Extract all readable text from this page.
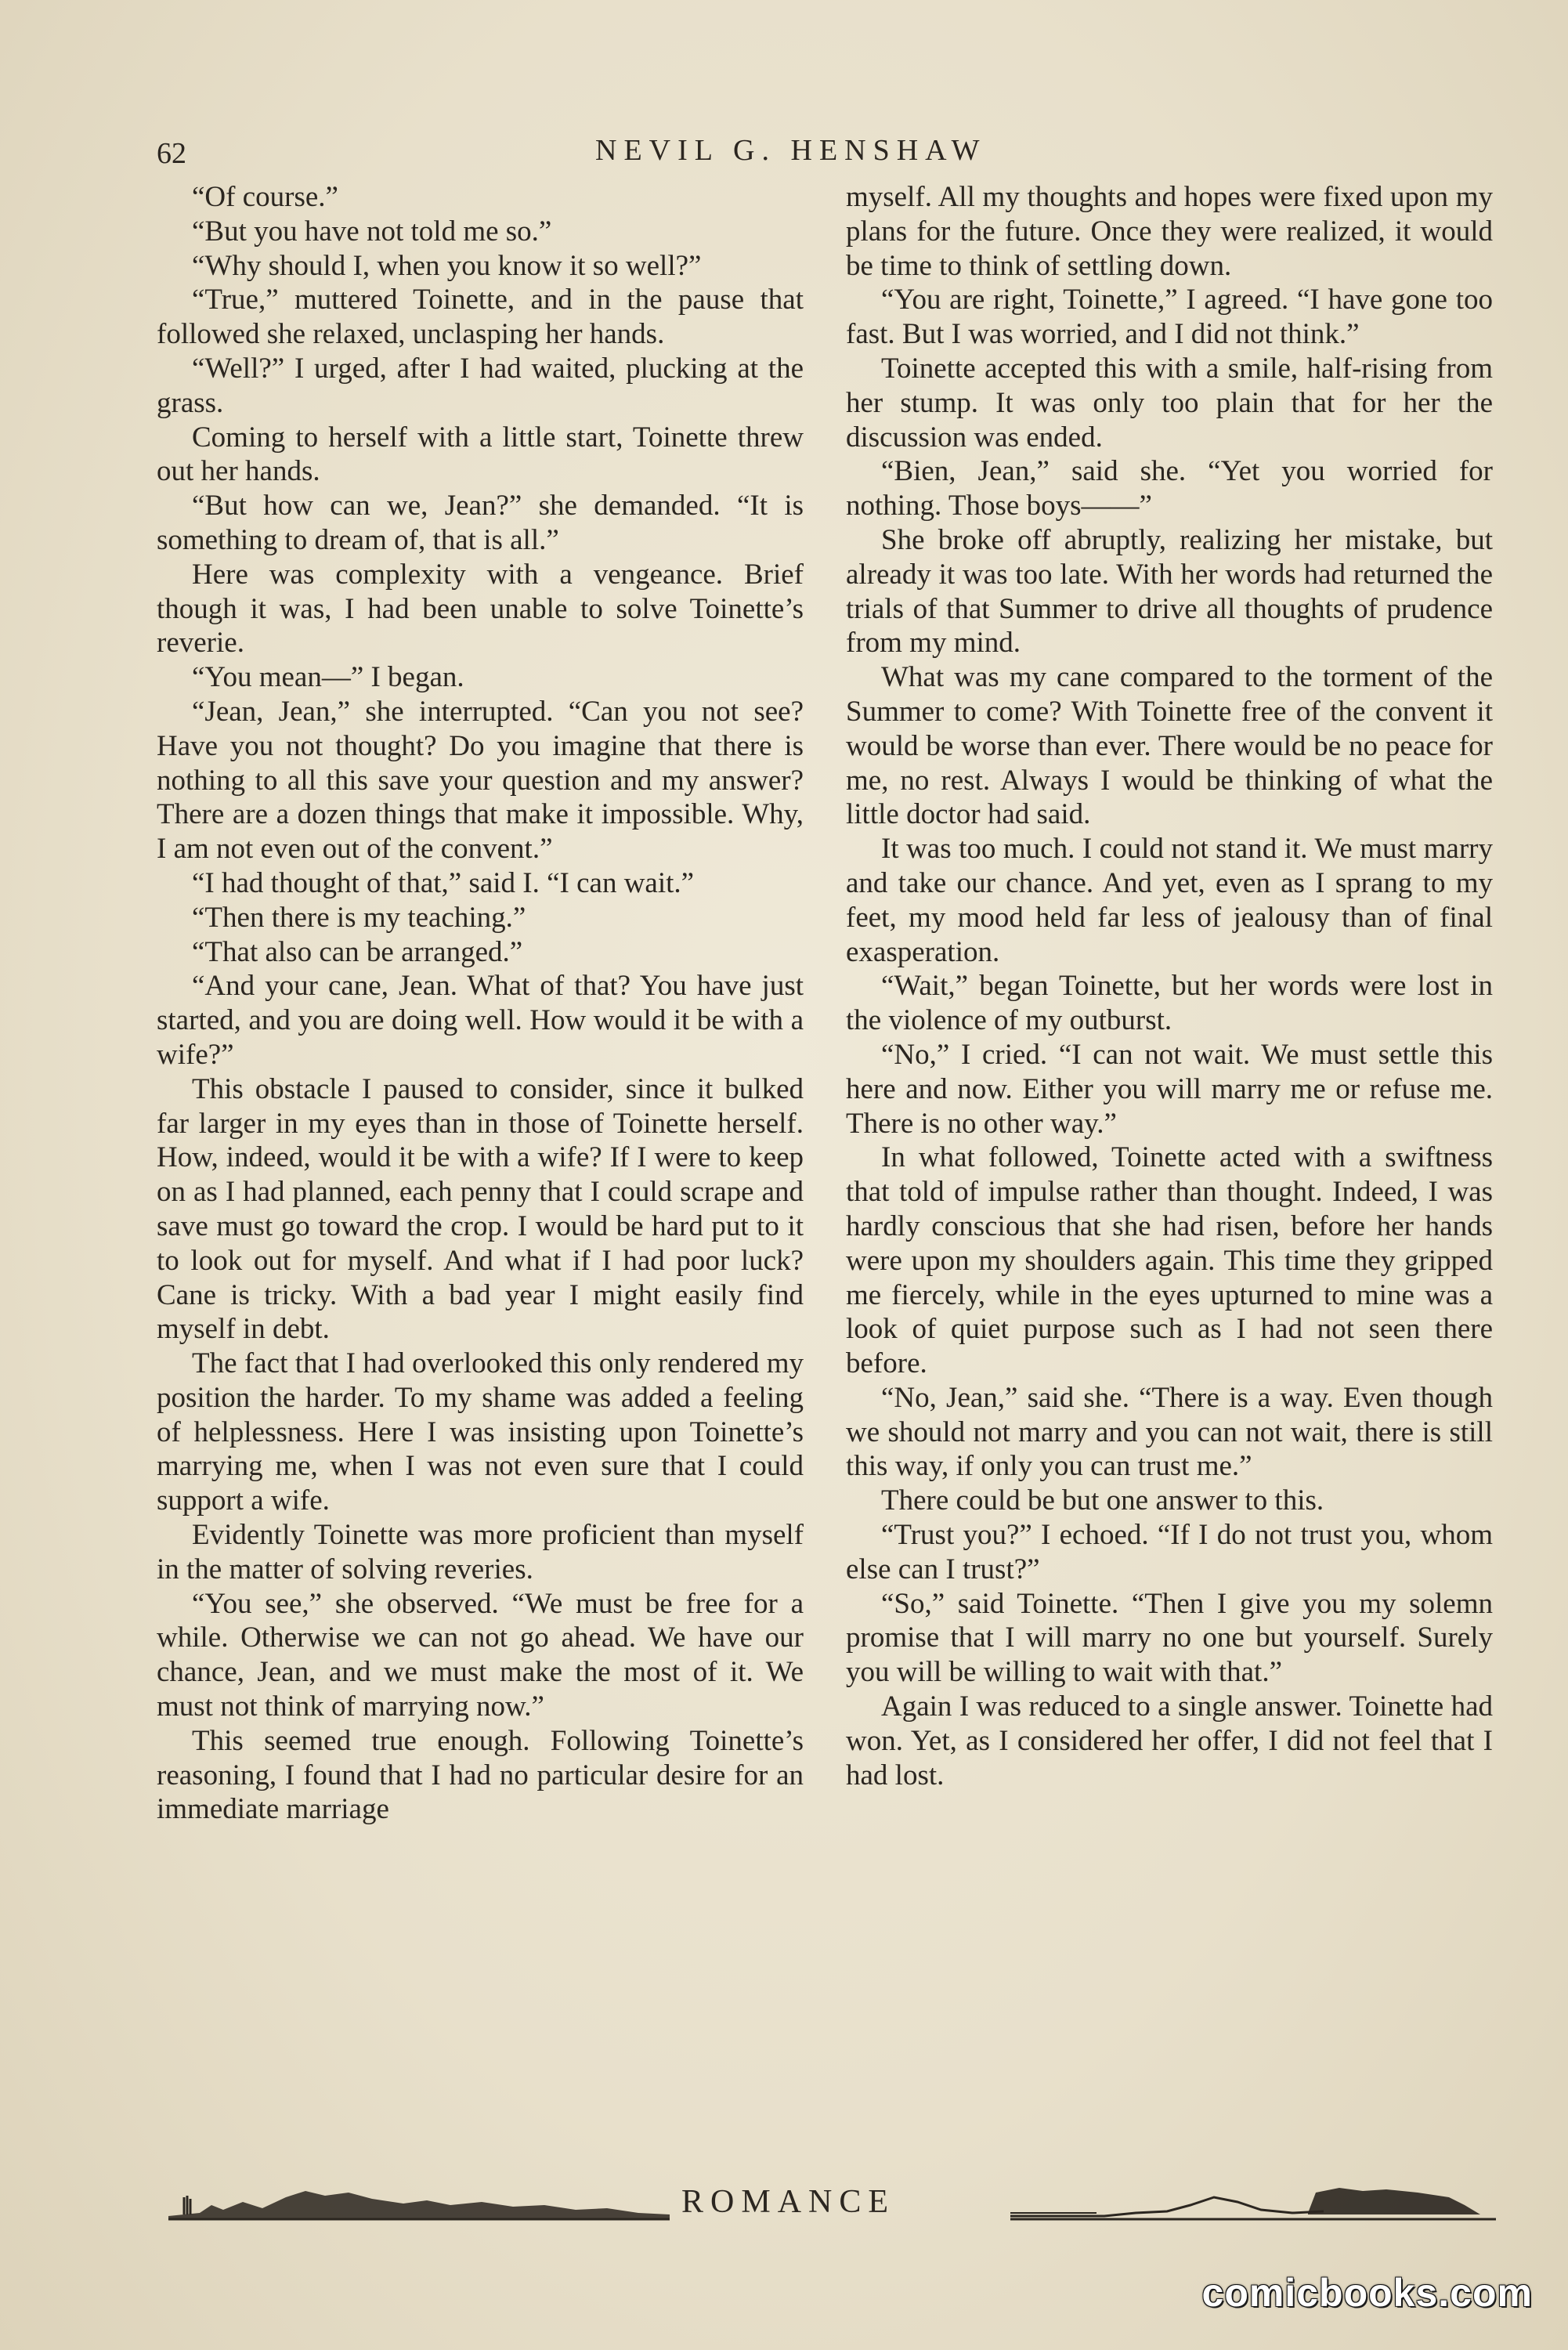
62	NEVIL G. HENSHAW

“Of course.”

“But you have not told me so.”

“Why should I, when you know it so well?”

“True,” muttered Toinette, and in the pause that followed she relaxed, unclasping her hands.

“Well?” I urged, after I had waited, plucking at the grass.

Coming to herself with a little start, Toinette threw out her hands.

“But how can we, Jean?” she demanded. “It is something to dream of, that is all.”

Here was complexity with a vengeance. Brief though it was, I had been unable to solve Toinette’s reverie.

“You mean—” I began.

“Jean, Jean,” she interrupted. “Can you not see? Have you not thought? Do you imagine that there is nothing to all this save your question and my answer? There are a dozen things that make it impossible. Why, I am not even out of the convent.”

“I had thought of that,” said I. “I can wait.”

“Then there is my teaching.”

“That also can be arranged.”

“And your cane, Jean. What of that? You have just started, and you are doing well. How would it be with a wife?”

This obstacle I paused to consider, since it bulked far larger in my eyes than in those of Toinette herself. How, indeed, would it be with a wife? If I were to keep on as I had planned, each penny that I could scrape and save must go toward the crop. I would be hard put to it to look out for myself. And what if I had poor luck? Cane is tricky. With a bad year I might easily find myself in debt.

The fact that I had overlooked this only rendered my position the harder. To my shame was added a feeling of helplessness. Here I was insisting upon Toinette’s marrying me, when I was not even sure that I could support a wife.

Evidently Toinette was more proficient than myself in the matter of solving reveries.

“You see,” she observed. “We must be free for a while. Otherwise we can not go ahead. We have our chance, Jean, and we must make the most of it. We must not think of marrying now.”

This seemed true enough. Following Toinette’s reasoning, I found that I had no particular desire for an immediate marriage

myself. All my thoughts and hopes were fixed upon my plans for the future. Once they were realized, it would be time to think of settling down.

“You are right, Toinette,” I agreed. “I have gone too fast. But I was worried, and I did not think.”

Toinette accepted this with a smile, half-rising from her stump. It was only too plain that for her the discussion was ended.

“Bien, Jean,” said she. “Yet you worried for nothing. Those boys——”

She broke off abruptly, realizing her mistake, but already it was too late. With her words had returned the trials of that Summer to drive all thoughts of prudence from my mind.

What was my cane compared to the torment of the Summer to come? With Toinette free of the convent it would be worse than ever. There would be no peace for me, no rest. Always I would be thinking of what the little doctor had said.

It was too much. I could not stand it. We must marry and take our chance. And yet, even as I sprang to my feet, my mood held far less of jealousy than of final exasperation.

“Wait,” began Toinette, but her words were lost in the violence of my outburst.

“No,” I cried. “I can not wait. We must settle this here and now. Either you will marry me or refuse me. There is no other way.”

In what followed, Toinette acted with a swiftness that told of impulse rather than thought. Indeed, I was hardly conscious that she had risen, before her hands were upon my shoulders again. This time they gripped me fiercely, while in the eyes upturned to mine was a look of quiet purpose such as I had not seen there before.

“No, Jean,” said she. “There is a way. Even though we should not marry and you can not wait, there is still this way, if only you can trust me.”

There could be but one answer to this.

“Trust you?” I echoed. “If I do not trust you, whom else can I trust?”

“So,” said Toinette. “Then I give you my solemn promise that I will marry no one but yourself. Surely you will be willing to wait with that.”

Again I was reduced to a single answer. Toinette had won. Yet, as I considered her offer, I did not feel that I had lost.

ROMANCE
comicbooks.com
